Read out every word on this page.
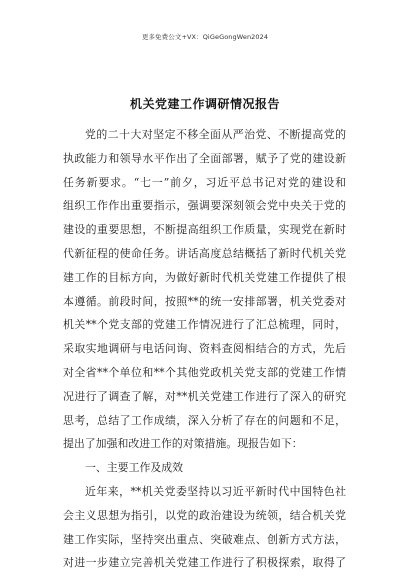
更多免费公文+VX：QiGeGongWen2024
机关党建工作调研情况报告
党的二十大对坚定不移全面从严治党、不断提高党的
执政能力和领导水平作出了全面部署，赋予了党的建设新
任务新要求。“七一”前夕，习近平总书记对党的建设和
组织工作作出重要指示，强调要深刻领会党中央关于党的
建设的重要思想，不断提高组织工作质量，实现党在新时
代新征程的使命任务。讲话高度总结概括了新时代机关党
建工作的目标方向，为做好新时代机关党建工作提供了根
本遵循。前段时间，按照**的统一安排部署，机关党委对
机关**个党支部的党建工作情况进行了汇总梳理，同时，
采取实地调研与电话问询、资料查阅相结合的方式，先后
对全省**个单位和**个其他党政机关党支部的党建工作情
况进行了调查了解，对**机关党建工作进行了深入的研究
思考，总结了工作成绩，深入分析了存在的问题和不足，
提出了加强和改进工作的对策措施。现报告如下：
一、主要工作及成效
近年来，**机关党委坚持以习近平新时代中国特色社
会主义思想为指引，以党的政治建设为统领，结合机关党
建工作实际，坚持突出重点、突破难点、创新方式方法，
对进一步建立完善机关党建工作进行了积极探索，取得了
